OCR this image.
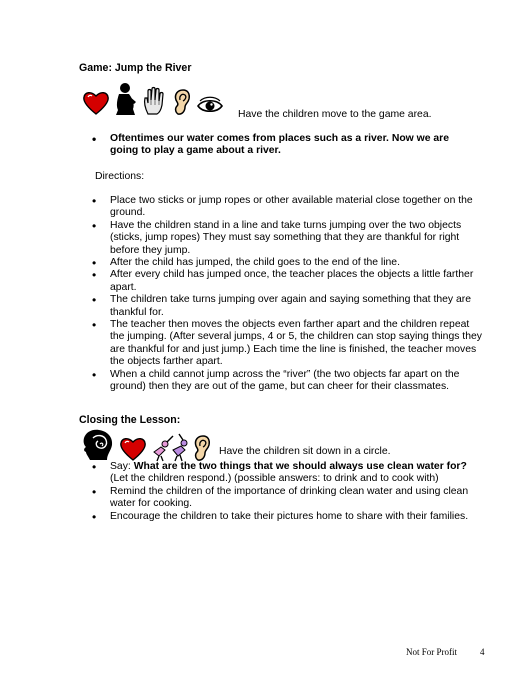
Game: Jump the River
Have the children move to the game area.
• Oftentimes our water comes from places such as a river. Now we are going to play a game about a river.
Directions:
• Place two sticks or jump ropes or other available material close together on the ground.
• Have the children stand in a line and take turns jumping over the two objects (sticks, jump ropes) They must say something that they are thankful for right before they jump.
• After the child has jumped, the child goes to the end of the line.
• After every child has jumped once, the teacher places the objects a little farther apart.
• The children take turns jumping over again and saying something that they are thankful for.
• The teacher then moves the objects even farther apart and the children repeat the jumping. (After several jumps, 4 or 5, the children can stop saying things they are thankful for and just jump.) Each time the line is finished, the teacher moves the objects farther apart.
• When a child cannot jump across the “river” (the two objects far apart on the ground) then they are out of the game, but can cheer for their classmates.
Closing the Lesson:
Have the children sit down in a circle.
• Say: What are the two things that we should always use clean water for? (Let the children respond.) (possible answers: to drink and to cook with)
• Remind the children of the importance of drinking clean water and using clean water for cooking.
• Encourage the children to take their pictures home to share with their families.
Not For Profit	4
